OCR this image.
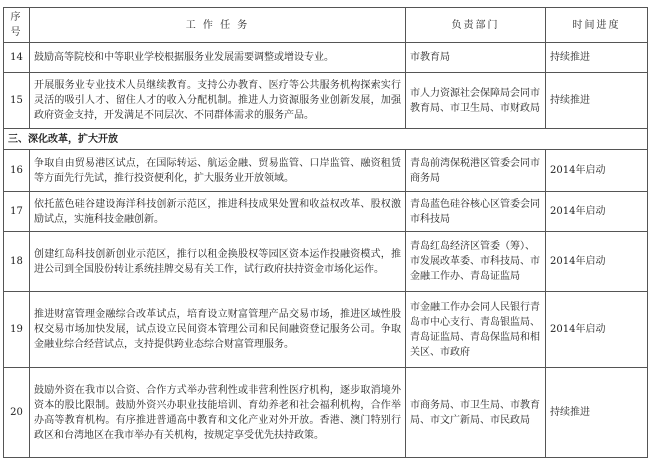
序号	工 作 任 务	负责部门	时间进度
14	鼓励高等院校和中等职业学校根据服务业发展需要调整或增设专业。	市教育局	持续推进
15	开展服务业专业技术人员继续教育。支持公办教育、医疗等公共服务机构探索实行灵活的吸引人才、留住人才的收入分配机制。推进人力资源服务业创新发展，加强政府资金支持，开发满足不同层次、不同群体需求的服务产品。	市人力资源社会保障局会同市教育局、市卫生局、市财政局	持续推进
三、深化改革，扩大开放			
16	争取自由贸易港区试点，在国际转运、航运金融、贸易监管、口岸监管、融资租赁等方面先行先试，推行投资便利化，扩大服务业开放领域。	青岛前湾保税港区管委会同市商务局	2014年启动
17	依托蓝色硅谷建设海洋科技创新示范区，推进科技成果处置和收益权改革、股权激励试点，实施科技金融创新。	青岛蓝色硅谷核心区管委会同市科技局	2014年启动
18	创建红岛科技创新创业示范区，推行以租金换股权等园区资本运作投融资模式，推进公司到全国股份转让系统挂牌交易有关工作，试行政府扶持资金市场化运作。	青岛红岛经济区管委（筹）、市发展改革委、市科技局、市金融工作办、青岛证监局	2014年启动
19	推进财富管理金融综合改革试点，培育设立财富管理产品交易市场，推进区域性股权交易市场加快发展，试点设立民间资本管理公司和民间融资登记服务公司。争取金融业综合经营试点，支持提供跨业态综合财富管理服务。	市金融工作办会同人民银行青岛市中心支行、青岛银监局、青岛证监局、青岛保监局和相关区、市政府	2014年启动
20	鼓励外资在我市以合资、合作方式举办营利性或非营利性医疗机构，逐步取消境外资本的股比限制。鼓励外资兴办职业技能培训、育幼养老和社会福利机构，合作举办高等教育机构。有序推进普通高中教育和文化产业对外开放。香港、澳门特别行政区和台湾地区在我市举办有关机构，按规定享受优先扶持政策。	市商务局、市卫生局、市教育局、市文广新局、市民政局	持续推进
